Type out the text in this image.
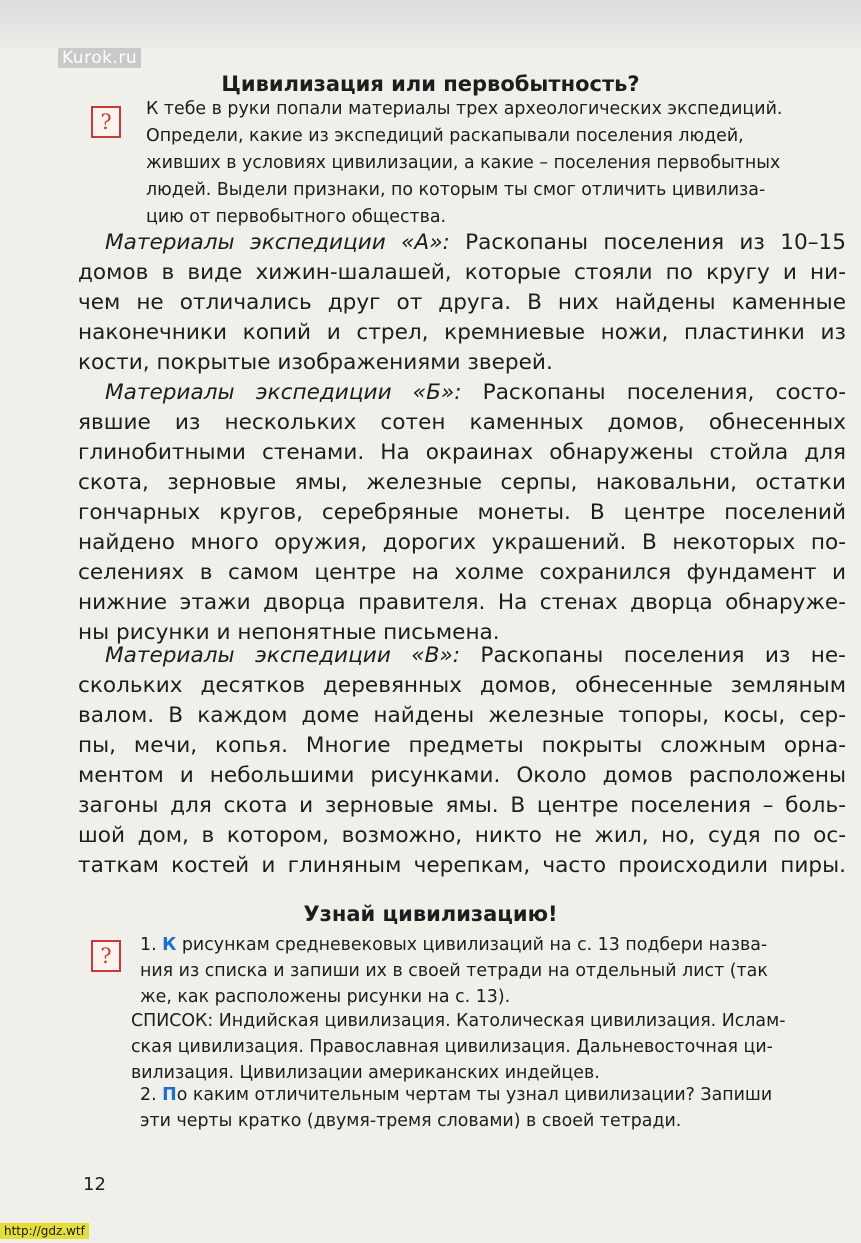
Kurok.ru
Цивилизация или первобытность?
?
К тебе в руки попали материалы трех археологических экспедиций.
Определи, какие из экспедиций раскапывали поселения людей,
живших в условиях цивилизации, а какие – поселения первобытных
людей. Выдели признаки, по которым ты смог отличить цивилиза-
цию от первобытного общества.
Материалы экспедиции «А»: Раскопаны поселения из 10–15
домов в виде хижин-шалашей, которые стояли по кругу и ни-
чем не отличались друг от друга. В них найдены каменные
наконечники копий и стрел, кремниевые ножи, пластинки из
кости, покрытые изображениями зверей.
Материалы экспедиции «Б»: Раскопаны поселения, состо-
явшие из нескольких сотен каменных домов, обнесенных
глинобитными стенами. На окраинах обнаружены стойла для
скота, зерновые ямы, железные серпы, наковальни, остатки
гончарных кругов, серебряные монеты. В центре поселений
найдено много оружия, дорогих украшений. В некоторых по-
селениях в самом центре на холме сохранился фундамент и
нижние этажи дворца правителя. На стенах дворца обнаруже-
ны рисунки и непонятные письмена.
Материалы экспедиции «В»: Раскопаны поселения из не-
скольких десятков деревянных домов, обнесенные земляным
валом. В каждом доме найдены железные топоры, косы, сер-
пы, мечи, копья. Многие предметы покрыты сложным орна-
ментом и небольшими рисунками. Около домов расположены
загоны для скота и зерновые ямы. В центре поселения – боль-
шой дом, в котором, возможно, никто не жил, но, судя по ос-
таткам костей и глиняным черепкам, часто происходили пиры.
Узнай цивилизацию!
?	1. К рисункам средневековых цивилизаций на с. 13 подбери назва-
ния из списка и запиши их в своей тетради на отдельный лист (так
же, как расположены рисунки на с. 13).
СПИСОК: Индийская цивилизация. Католическая цивилизация. Ислам-
ская цивилизация. Православная цивилизация. Дальневосточная ци-
вилизация. Цивилизации американских индейцев.
2. По каким отличительным чертам ты узнал цивилизации? Запиши
эти черты кратко (двумя-тремя словами) в своей тетради.
12
http://gdz.wtf
